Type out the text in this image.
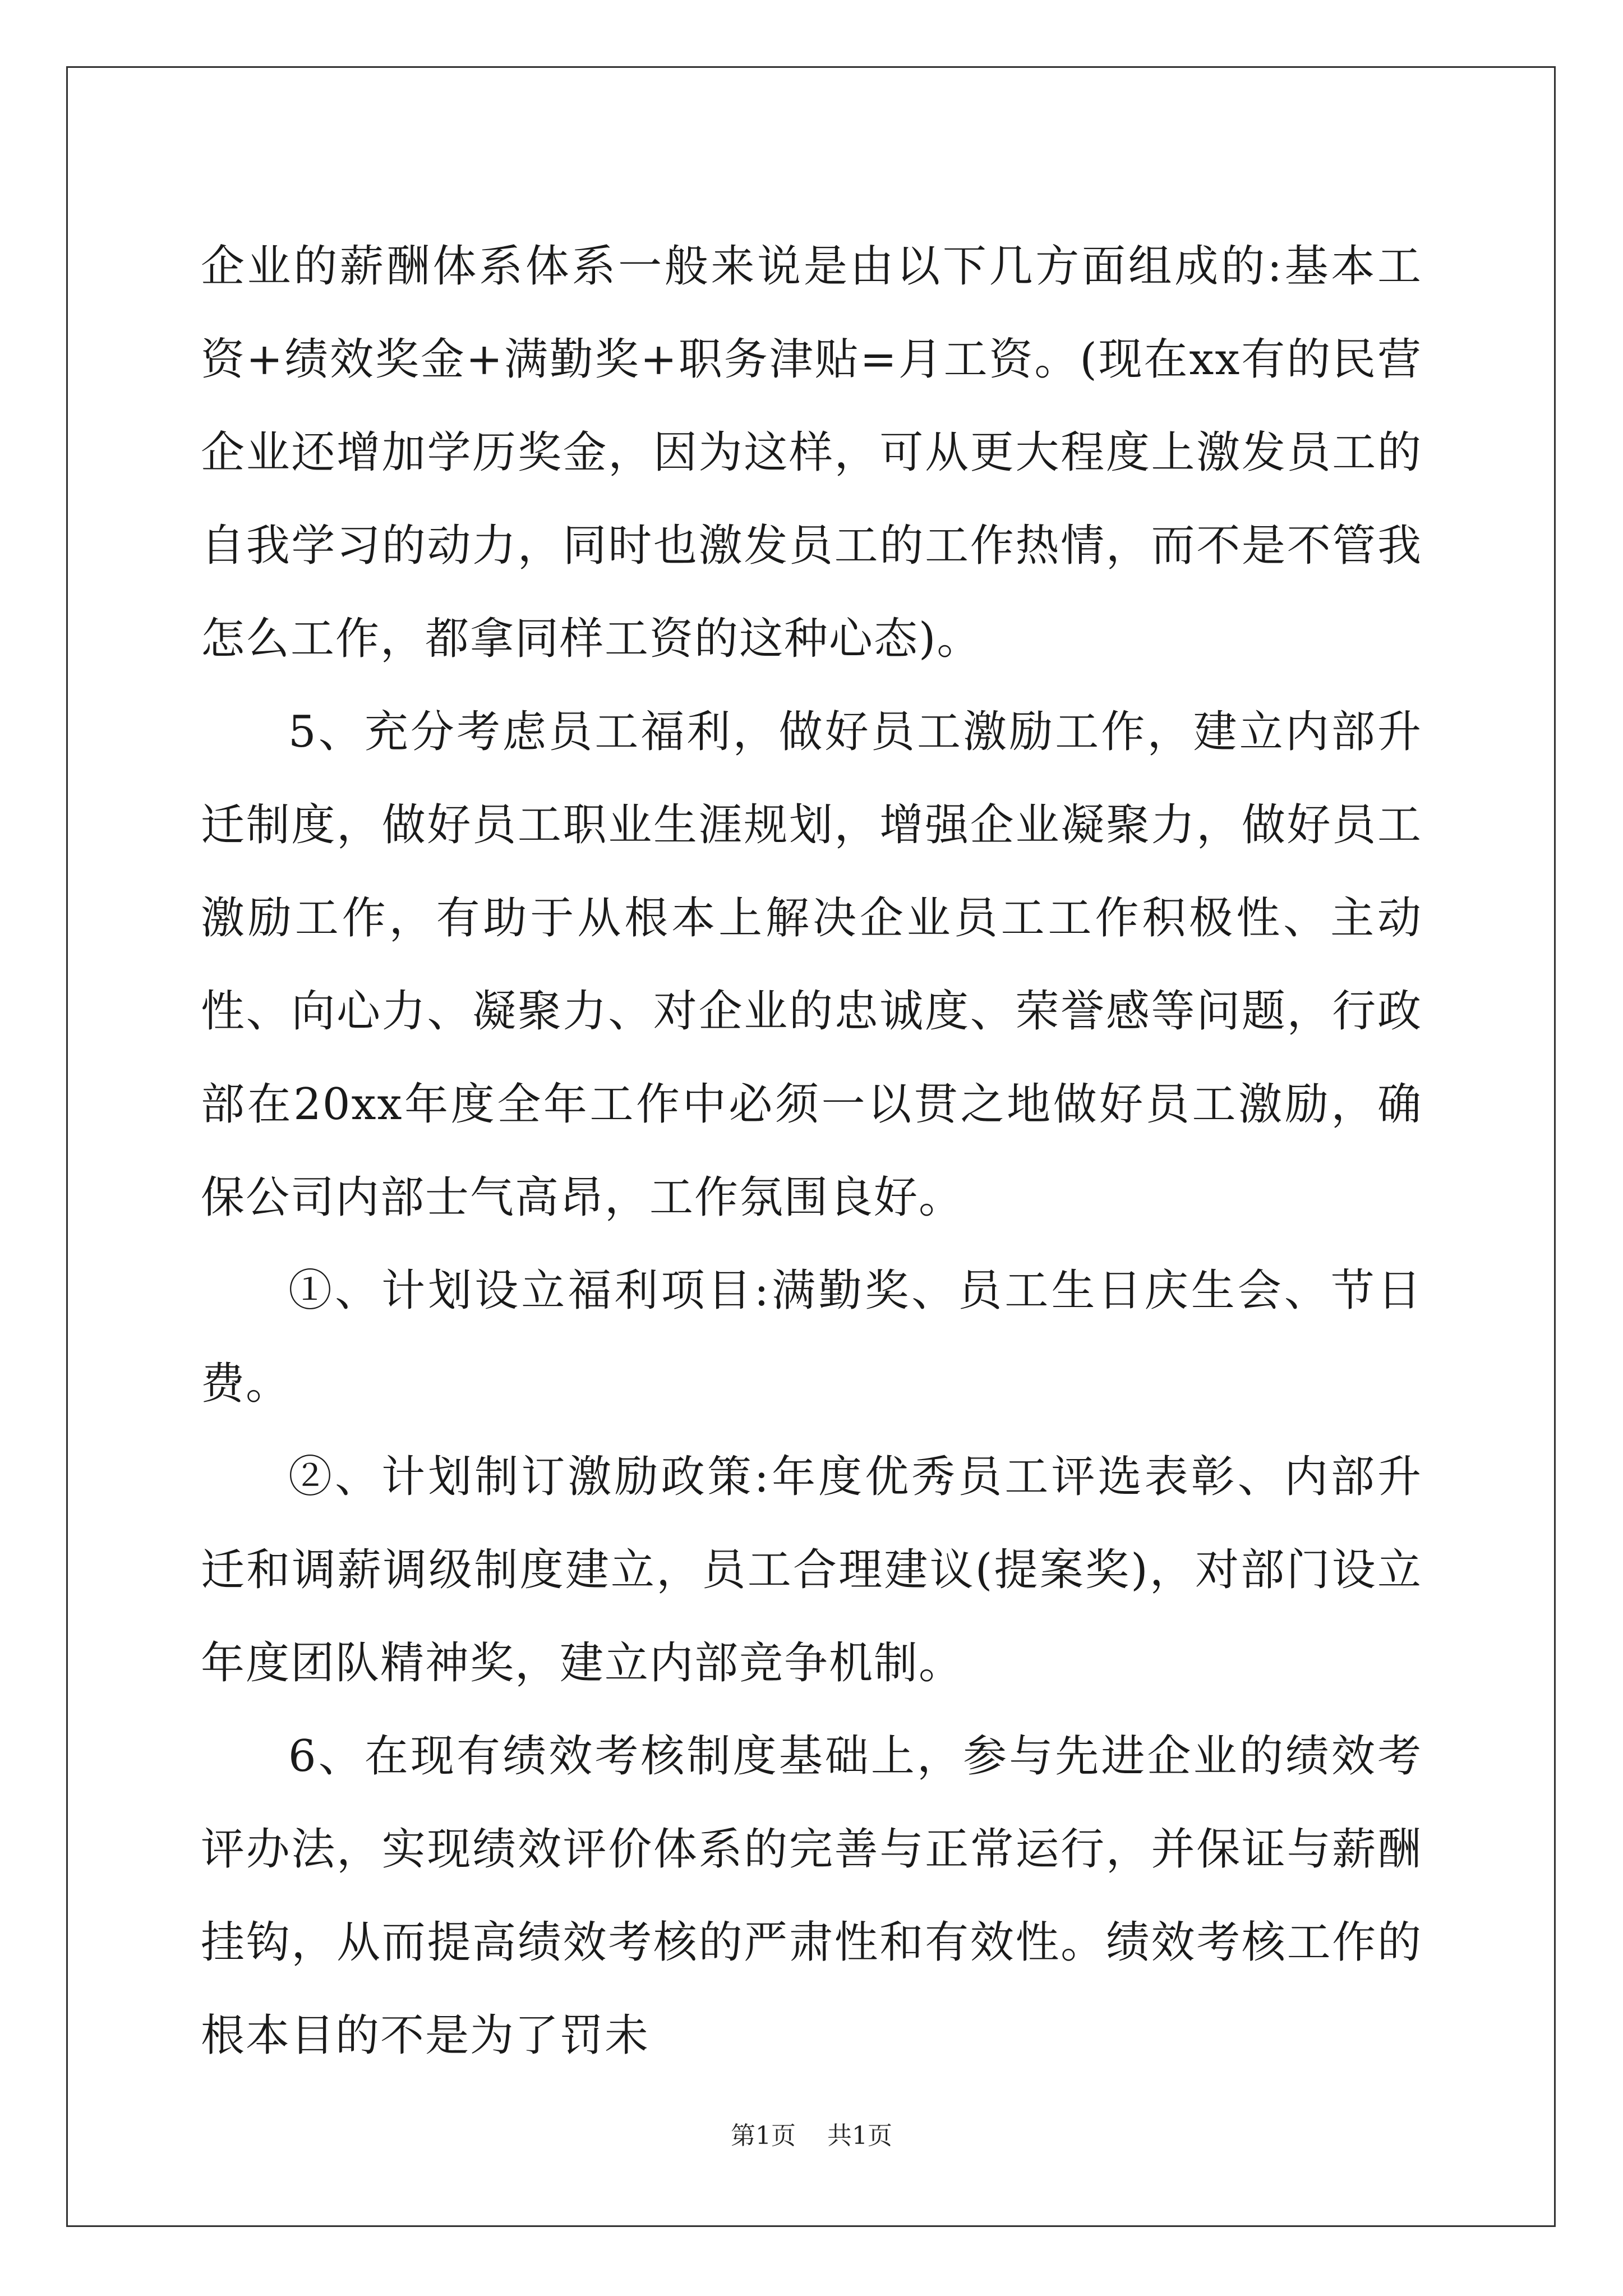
企业的薪酬体系体系一般来说是由以下几方面组成的:基本工资+绩效奖金+满勤奖+职务津贴=月工资。(现在xx有的民营企业还增加学历奖金，因为这样，可从更大程度上激发员工的自我学习的动力，同时也激发员工的工作热情，而不是不管我怎么工作，都拿同样工资的这种心态)。

5、充分考虑员工福利，做好员工激励工作，建立内部升迁制度，做好员工职业生涯规划，增强企业凝聚力，做好员工激励工作，有助于从根本上解决企业员工工作积极性、主动性、向心力、凝聚力、对企业的忠诚度、荣誉感等问题，行政部在20xx年度全年工作中必须一以贯之地做好员工激励，确保公司内部士气高昂，工作氛围良好。

①、计划设立福利项目:满勤奖、员工生日庆生会、节日费。

②、计划制订激励政策:年度优秀员工评选表彰、内部升迁和调薪调级制度建立，员工合理建议(提案奖)，对部门设立年度团队精神奖，建立内部竞争机制。

6、在现有绩效考核制度基础上，参与先进企业的绩效考评办法，实现绩效评价体系的完善与正常运行，并保证与薪酬挂钩，从而提高绩效考核的严肃性和有效性。绩效考核工作的根本目的不是为了罚未

第1页 共1页
